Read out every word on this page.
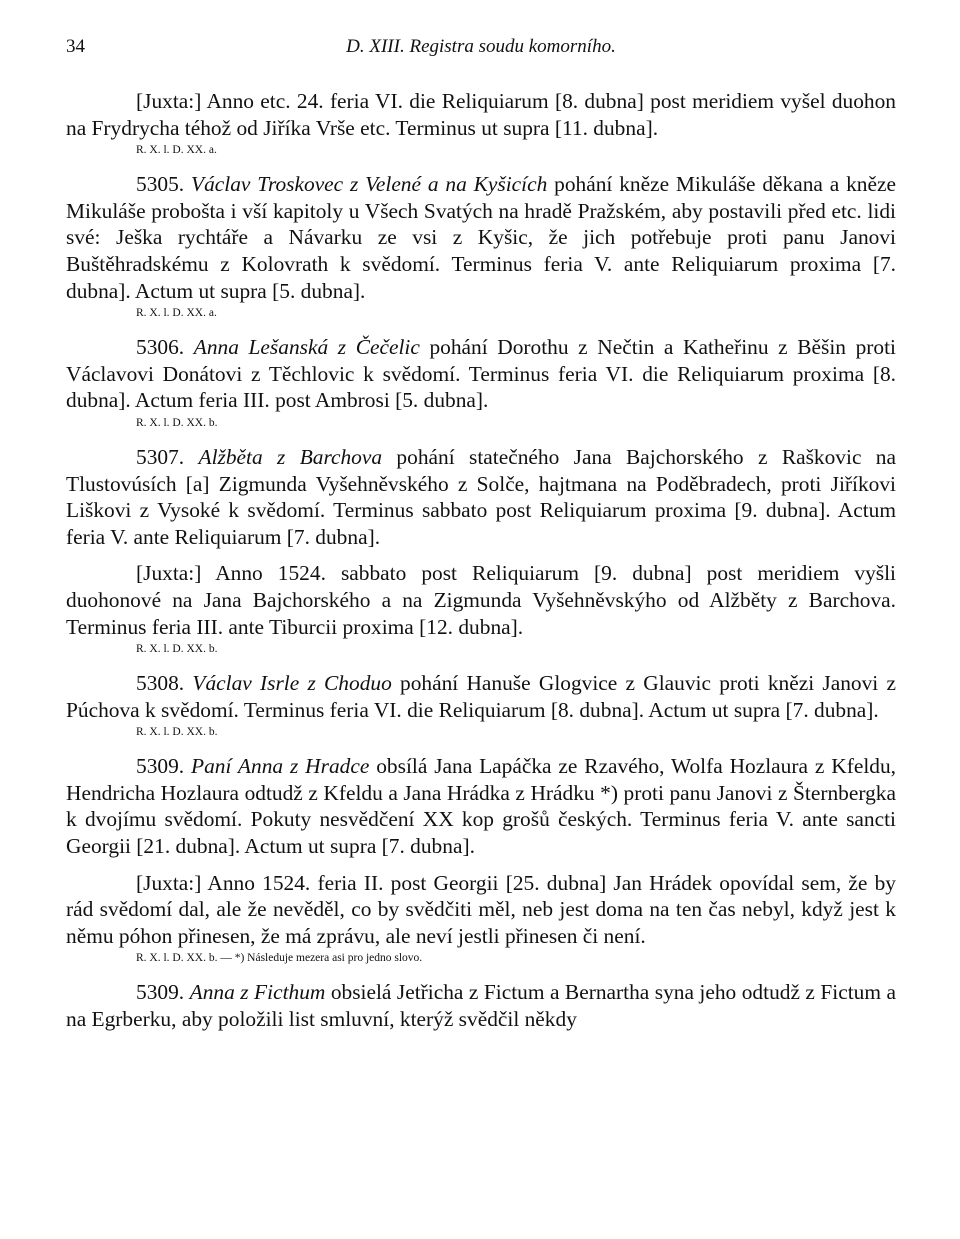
34	D. XIII. Registra soudu komorního.

[Juxta:] Anno etc. 24. feria VI. die Reliquiarum [8. dubna] post meridiem vyšel duohon na Frydrycha téhož od Jiříka Vrše etc. Terminus ut supra [11. dubna].

R. X. l. D. XX. a.

5305. Václav Troskovec z Velené a na Kyšicích pohání kněze Mikuláše děkana a kněze Mikuláše probošta i vší kapitoly u Všech Svatých na hradě Pražském, aby postavili před etc. lidi své: Ješka rychtáře a Návarku ze vsi z Kyšic, že jich potřebuje proti panu Janovi Buštěhradskému z Kolovrath k svědomí. Terminus feria V. ante Reliquiarum proxima [7. dubna]. Actum ut supra [5. dubna].

R. X. l. D. XX. a.

5306. Anna Lešanská z Čečelic pohání Dorothu z Nečtin a Katheřinu z Běšin proti Václavovi Donátovi z Těchlovic k svědomí. Terminus feria VI. die Reliquiarum proxima [8. dubna]. Actum feria III. post Ambrosi [5. dubna].

R. X. l. D. XX. b.

5307. Alžběta z Barchova pohání statečného Jana Bajchorského z Raškovic na Tlustovúsích [a] Zigmunda Vyšehněvského z Solče, hajtmana na Poděbradech, proti Jiříkovi Liškovi z Vysoké k svědomí. Terminus sabbato post Reliquiarum proxima [9. dubna]. Actum feria V. ante Reliquiarum [7. dubna].

[Juxta:] Anno 1524. sabbato post Reliquiarum [9. dubna] post meridiem vyšli duohonové na Jana Bajchorského a na Zigmunda Vyšehněvskýho od Alžběty z Barchova. Terminus feria III. ante Tiburcii proxima [12. dubna].

R. X. l. D. XX. b.

5308. Václav Isrle z Choduo pohání Hanuše Glogvice z Glauvic proti knězi Janovi z Púchova k svědomí. Terminus feria VI. die Reliquiarum [8. dubna]. Actum ut supra [7. dubna].

R. X. l. D. XX. b.

5309. Paní Anna z Hradce obsílá Jana Lapáčka ze Rzavého, Wolfa Hozlaura z Kfeldu, Hendricha Hozlaura odtudž z Kfeldu a Jana Hrádka z Hrádku *) proti panu Janovi z Šternbergka k dvojímu svědomí. Pokuty nesvědčení XX kop grošů českých. Terminus feria V. ante sancti Georgii [21. dubna]. Actum ut supra [7. dubna].

[Juxta:] Anno 1524. feria II. post Georgii [25. dubna] Jan Hrádek opovídal sem, že by rád svědomí dal, ale že nevěděl, co by svědčiti měl, neb jest doma na ten čas nebyl, když jest k němu póhon přinesen, že má zprávu, ale neví jestli přinesen či není.

R. X. l. D. XX. b. — *) Následuje mezera asi pro jedno slovo.

5309. Anna z Ficthum obsielá Jetřicha z Fictum a Bernartha syna jeho odtudž z Fictum a na Egrberku, aby položili list smluvní, kterýž svědčil někdy
